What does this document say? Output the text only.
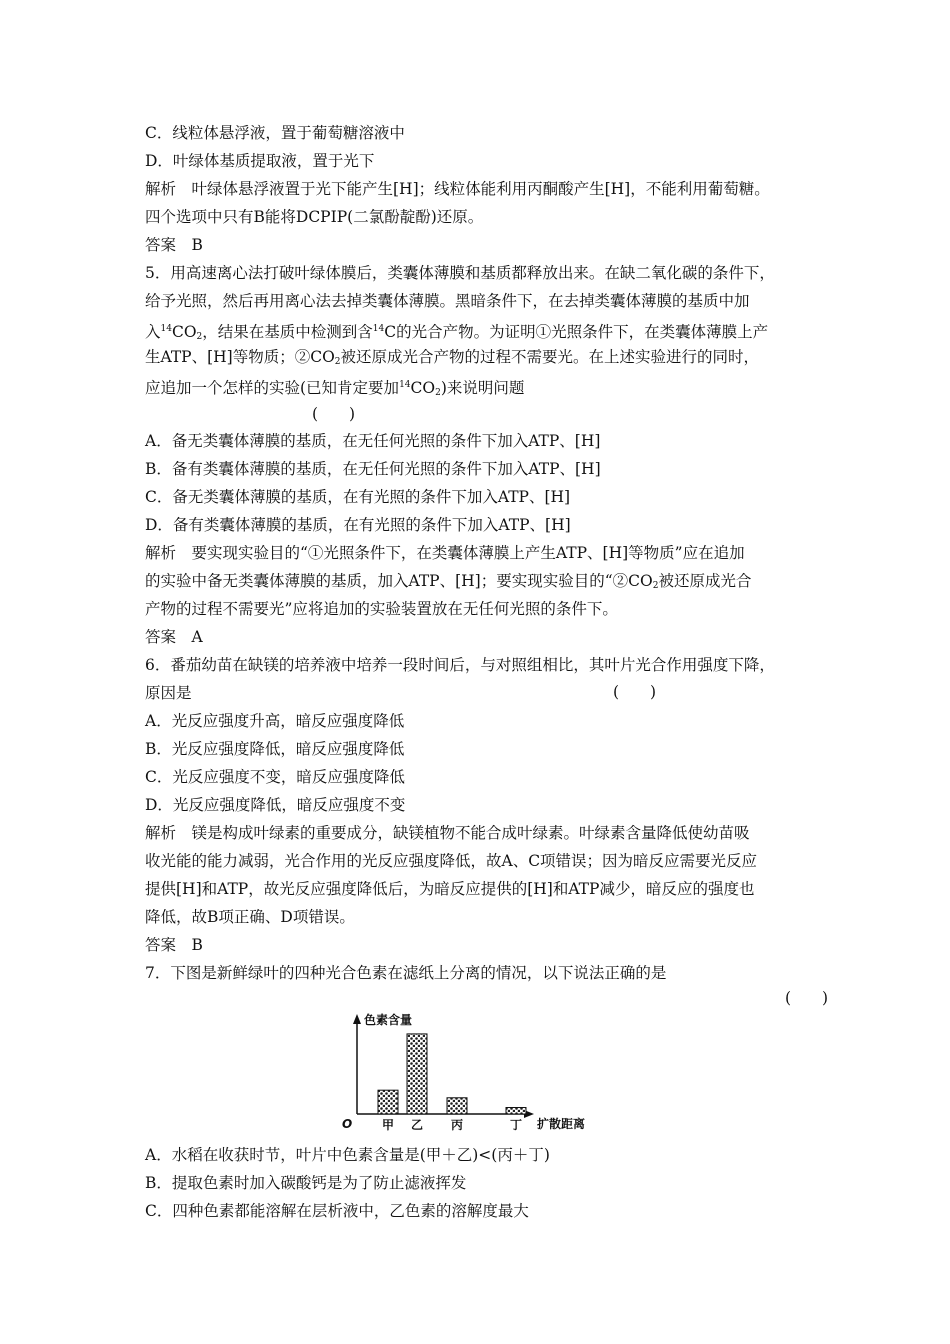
C．线粒体悬浮液，置于葡萄糖溶液中
D．叶绿体基质提取液，置于光下
解析　叶绿体悬浮液置于光下能产生[H]；线粒体能利用丙酮酸产生[H]，不能利用葡萄糖。
四个选项中只有B能将DCPIP(二氯酚靛酚)还原。
答案　B
5．用高速离心法打破叶绿体膜后，类囊体薄膜和基质都释放出来。在缺二氧化碳的条件下，
给予光照，然后再用离心法去掉类囊体薄膜。黑暗条件下，在去掉类囊体薄膜的基质中加
入$^{14}CO_2$，结果在基质中检测到含$^{14}$C的光合产物。为证明①光照条件下，在类囊体薄膜上产
生ATP、[H]等物质；$②CO_2$被还原成光合产物的过程不需要光。在上述实验进行的同时，
应追加一个怎样的实验(已知肯定要加$^{14}CO_2$)来说明问题
(　　)
A．备无类囊体薄膜的基质，在无任何光照的条件下加入ATP、[H]
B．备有类囊体薄膜的基质，在无任何光照的条件下加入ATP、[H]
C．备无类囊体薄膜的基质，在有光照的条件下加入ATP、[H]
D．备有类囊体薄膜的基质，在有光照的条件下加入ATP、[H]
解析　要实现实验目的“①光照条件下，在类囊体薄膜上产生ATP、[H]等物质”应在追加
的实验中备无类囊体薄膜的基质，加入ATP、[H]；要实现实验目的“$②CO_2$被还原成光合
产物的过程不需要光”应将追加的实验装置放在无任何光照的条件下。
答案　A
6．番茄幼苗在缺镁的培养液中培养一段时间后，与对照组相比，其叶片光合作用强度下降，
原因是	(　　)
A．光反应强度升高，暗反应强度降低
B．光反应强度降低，暗反应强度降低
C．光反应强度不变，暗反应强度降低
D．光反应强度降低，暗反应强度不变
解析　镁是构成叶绿素的重要成分，缺镁植物不能合成叶绿素。叶绿素含量降低使幼苗吸
收光能的能力减弱，光合作用的光反应强度降低，故A、C项错误；因为暗反应需要光反应
提供[H]和ATP，故光反应强度降低后，为暗反应提供的[H]和ATP减少，暗反应的强度也
降低，故B项正确、D项错误。
答案　B
7．下图是新鲜绿叶的四种光合色素在滤纸上分离的情况，以下说法正确的是
(　　)
色素含量
扩散距离
O 甲 乙 丙	丁
A．水稻在收获时节，叶片中色素含量是(甲＋乙)<(丙＋丁)
B．提取色素时加入碳酸钙是为了防止滤液挥发
C．四种色素都能溶解在层析液中，乙色素的溶解度最大
